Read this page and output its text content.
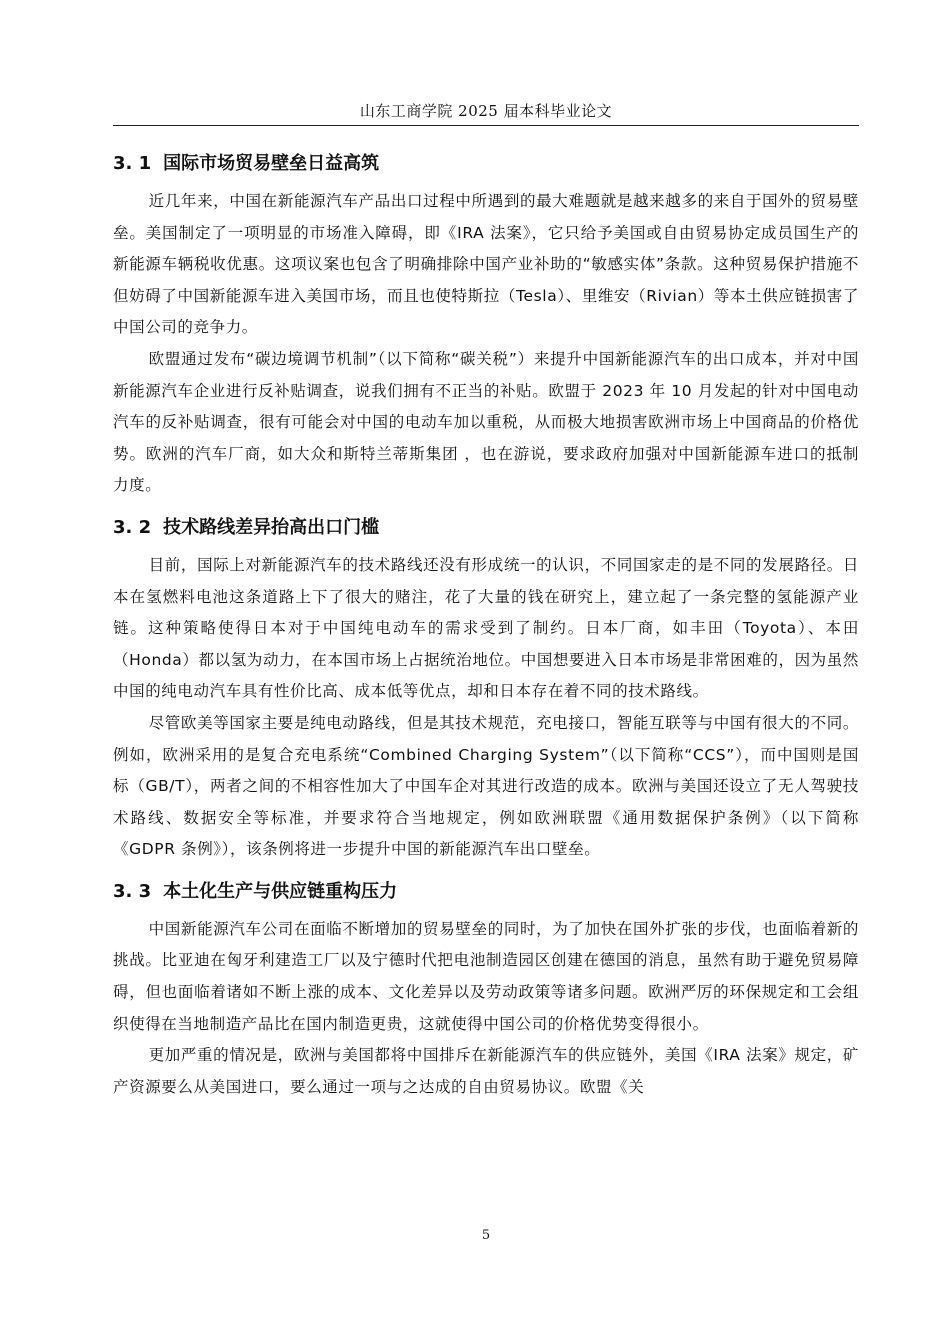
山东工商学院 2025 届本科毕业论文
3. 1 国际市场贸易壁垒日益高筑

近几年来，中国在新能源汽车产品出口过程中所遇到的最大难题就是越来越多的来自于国外的贸易壁垒。美国制定了一项明显的市场准入障碍，即《IRA 法案》，它只给予美国或自由贸易协定成员国生产的新能源车辆税收优惠。这项议案也包含了明确排除中国产业补助的“敏感实体”条款。这种贸易保护措施不但妨碍了中国新能源车进入美国市场，而且也使特斯拉（Tesla）、里维安（Rivian）等本土供应链损害了中国公司的竞争力。

欧盟通过发布“碳边境调节机制”（以下简称“碳关税”）来提升中国新能源汽车的出口成本，并对中国新能源汽车企业进行反补贴调查，说我们拥有不正当的补贴。欧盟于 2023 年 10 月发起的针对中国电动汽车的反补贴调查，很有可能会对中国的电动车加以重税，从而极大地损害欧洲市场上中国商品的价格优势。欧洲的汽车厂商，如大众和斯特兰蒂斯集团 ，也在游说，要求政府加强对中国新能源车进口的抵制力度。

3. 2 技术路线差异抬高出口门槛

目前，国际上对新能源汽车的技术路线还没有形成统一的认识，不同国家走的是不同的发展路径。日本在氢燃料电池这条道路上下了很大的赌注，花了大量的钱在研究上，建立起了一条完整的氢能源产业链。这种策略使得日本对于中国纯电动车的需求受到了制约。日本厂商，如丰田（Toyota）、本田（Honda）都以氢为动力，在本国市场上占据统治地位。中国想要进入日本市场是非常困难的，因为虽然中国的纯电动汽车具有性价比高、成本低等优点，却和日本存在着不同的技术路线。

尽管欧美等国家主要是纯电动路线，但是其技术规范，充电接口，智能互联等与中国有很大的不同。例如，欧洲采用的是复合充电系统“Combined Charging System”（以下简称“CCS”），而中国则是国标（GB/T），两者之间的不相容性加大了中国车企对其进行改造的成本。欧洲与美国还设立了无人驾驶技术路线、数据安全等标准，并要求符合当地规定，例如欧洲联盟《通用数据保护条例》（以下简称《GDPR 条例》），该条例将进一步提升中国的新能源汽车出口壁垒。

3. 3 本土化生产与供应链重构压力

中国新能源汽车公司在面临不断增加的贸易壁垒的同时，为了加快在国外扩张的步伐，也面临着新的挑战。比亚迪在匈牙利建造工厂以及宁德时代把电池制造园区创建在德国的消息，虽然有助于避免贸易障碍，但也面临着诸如不断上涨的成本、文化差异以及劳动政策等诸多问题。欧洲严厉的环保规定和工会组织使得在当地制造产品比在国内制造更贵，这就使得中国公司的价格优势变得很小。

更加严重的情况是，欧洲与美国都将中国排斥在新能源汽车的供应链外，美国《IRA 法案》规定，矿产资源要么从美国进口，要么通过一项与之达成的自由贸易协议。欧盟《关

5
